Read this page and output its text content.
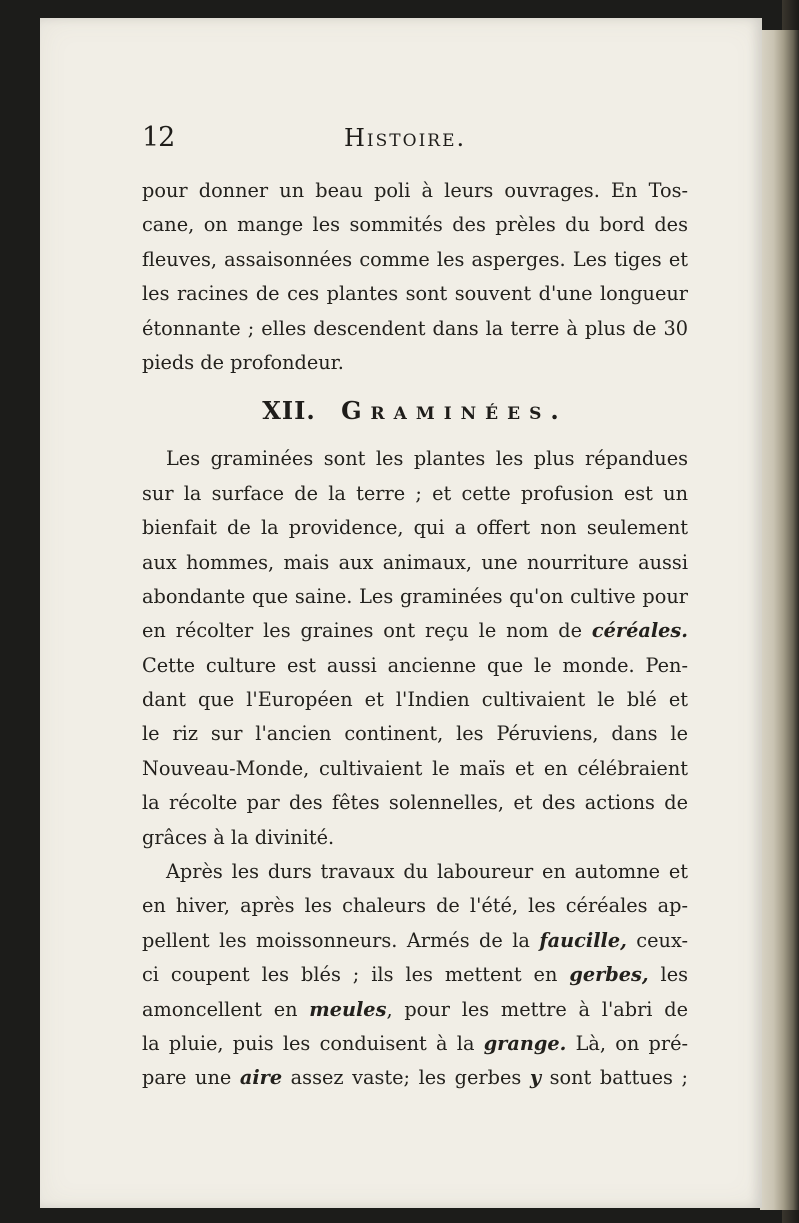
12	Histoire.
pour donner un beau poli à leurs ouvrages. En Tos-
cane, on mange les sommités des prèles du bord des
fleuves, assaisonnées comme les asperges. Les tiges et
les racines de ces plantes sont souvent d'une longueur
étonnante ; elles descendent dans la terre à plus de 30
pieds de profondeur.
XII. Graminées.
Les graminées sont les plantes les plus répandues
sur la surface de la terre ; et cette profusion est un
bienfait de la providence, qui a offert non seulement
aux hommes, mais aux animaux, une nourriture aussi
abondante que saine. Les graminées qu'on cultive pour
en récolter les graines ont reçu le nom de céréales.
Cette culture est aussi ancienne que le monde. Pen-
dant que l'Européen et l'Indien cultivaient le blé et
le riz sur l'ancien continent, les Péruviens, dans le
Nouveau-Monde, cultivaient le maïs et en célébraient
la récolte par des fêtes solennelles, et des actions de
grâces à la divinité.
Après les durs travaux du laboureur en automne et
en hiver, après les chaleurs de l'été, les céréales ap-
pellent les moissonneurs. Armés de la faucille, ceux-
ci coupent les blés ; ils les mettent en gerbes, les
amoncellent en meules, pour les mettre à l'abri de
la pluie, puis les conduisent à la grange. Là, on pré-
pare une aire assez vaste; les gerbes y sont battues ;
